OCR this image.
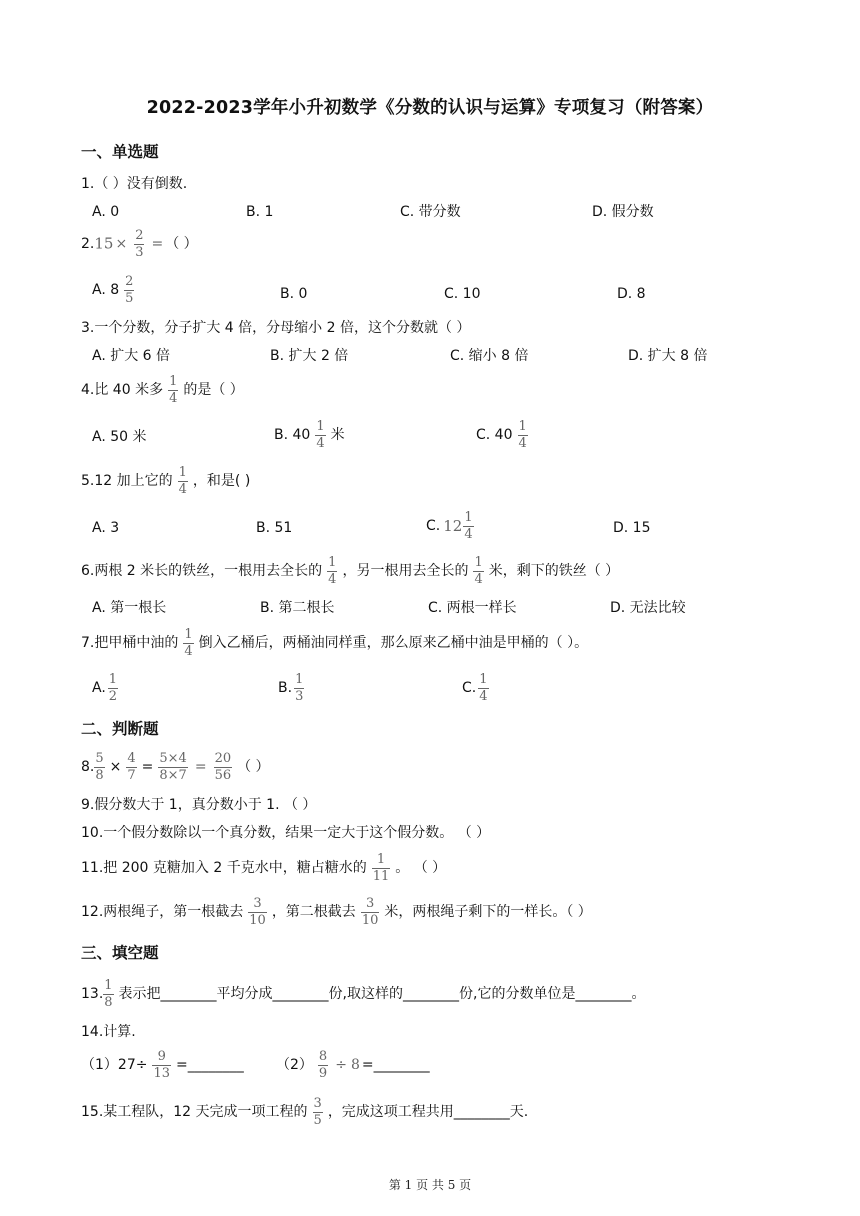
2022-2023学年小升初数学《分数的认识与运算》专项复习（附答案）
一、单选题
1.（ ）没有倒数.
A. 0	B. 1	C. 带分数	D. 假分数
$2.15 \times \frac{2}{3}$ = （ ）
A. $8 \frac{2}{5}$	B. 0	C. 10	D. 8
3.一个分数，分子扩大 4 倍，分母缩小 2 倍，这个分数就（ ）
A. 扩大 6 倍	B. 扩大 2 倍	C. 缩小 8 倍	D. 扩大 8 倍
4.比 40 米多 $\frac{1}{4}$ 的是（ ）
A. 50 米	B. $40 \frac{1}{4}$ 米	C. $40 \frac{1}{4}$
5.12 加上它的 $\frac{1}{4}$ ，和是( )
A. 3	B. 51	C. $12 \frac{1}{4}$	D. 15
6.两根 2 米长的铁丝，一根用去全长的 $\frac{1}{4}$ ，另一根用去全长的 $\frac{1}{4}$ 米，剩下的铁丝（ ）
A. 第一根长	B. 第二根长	C. 两根一样长	D. 无法比较
7.把甲桶中油的 $\frac{1}{4}$ 倒入乙桶后，两桶油同样重，那么原来乙桶中油是甲桶的（ ）。
A. $\frac{1}{2}$	B. $\frac{1}{3}$	C. $\frac{1}{4}$
二、判断题
8. $\frac{5}{8} \times \frac{4}{7} = \frac{5\times 4}{8\times 7} = \frac{20}{56}$ （ ）
9.假分数大于 1，真分数小于 1. （ ）
10.一个假分数除以一个真分数，结果一定大于这个假分数。 （ ）
11.把 200 克糖加入 2 千克水中，糖占糖水的 $\frac{1}{11}$ 。 （ ）
12.两根绳子，第一根截去 $\frac{3}{10}$ ，第二根截去 $\frac{3}{10}$ 米，两根绳子剩下的一样长。（ ）
三、填空题
13. $\frac{1}{8}$ 表示把________平均分成________份,取这样的________份,它的分数单位是________。
14.计算.
$(1)27\div \frac{9}{13}$ =________ $(2) \frac{8}{9} \div 8$ =________
15.某工程队，12 天完成一项工程的 $\frac{3}{5}$ ，完成这项工程共用________天.
第 1 页 共 5 页
